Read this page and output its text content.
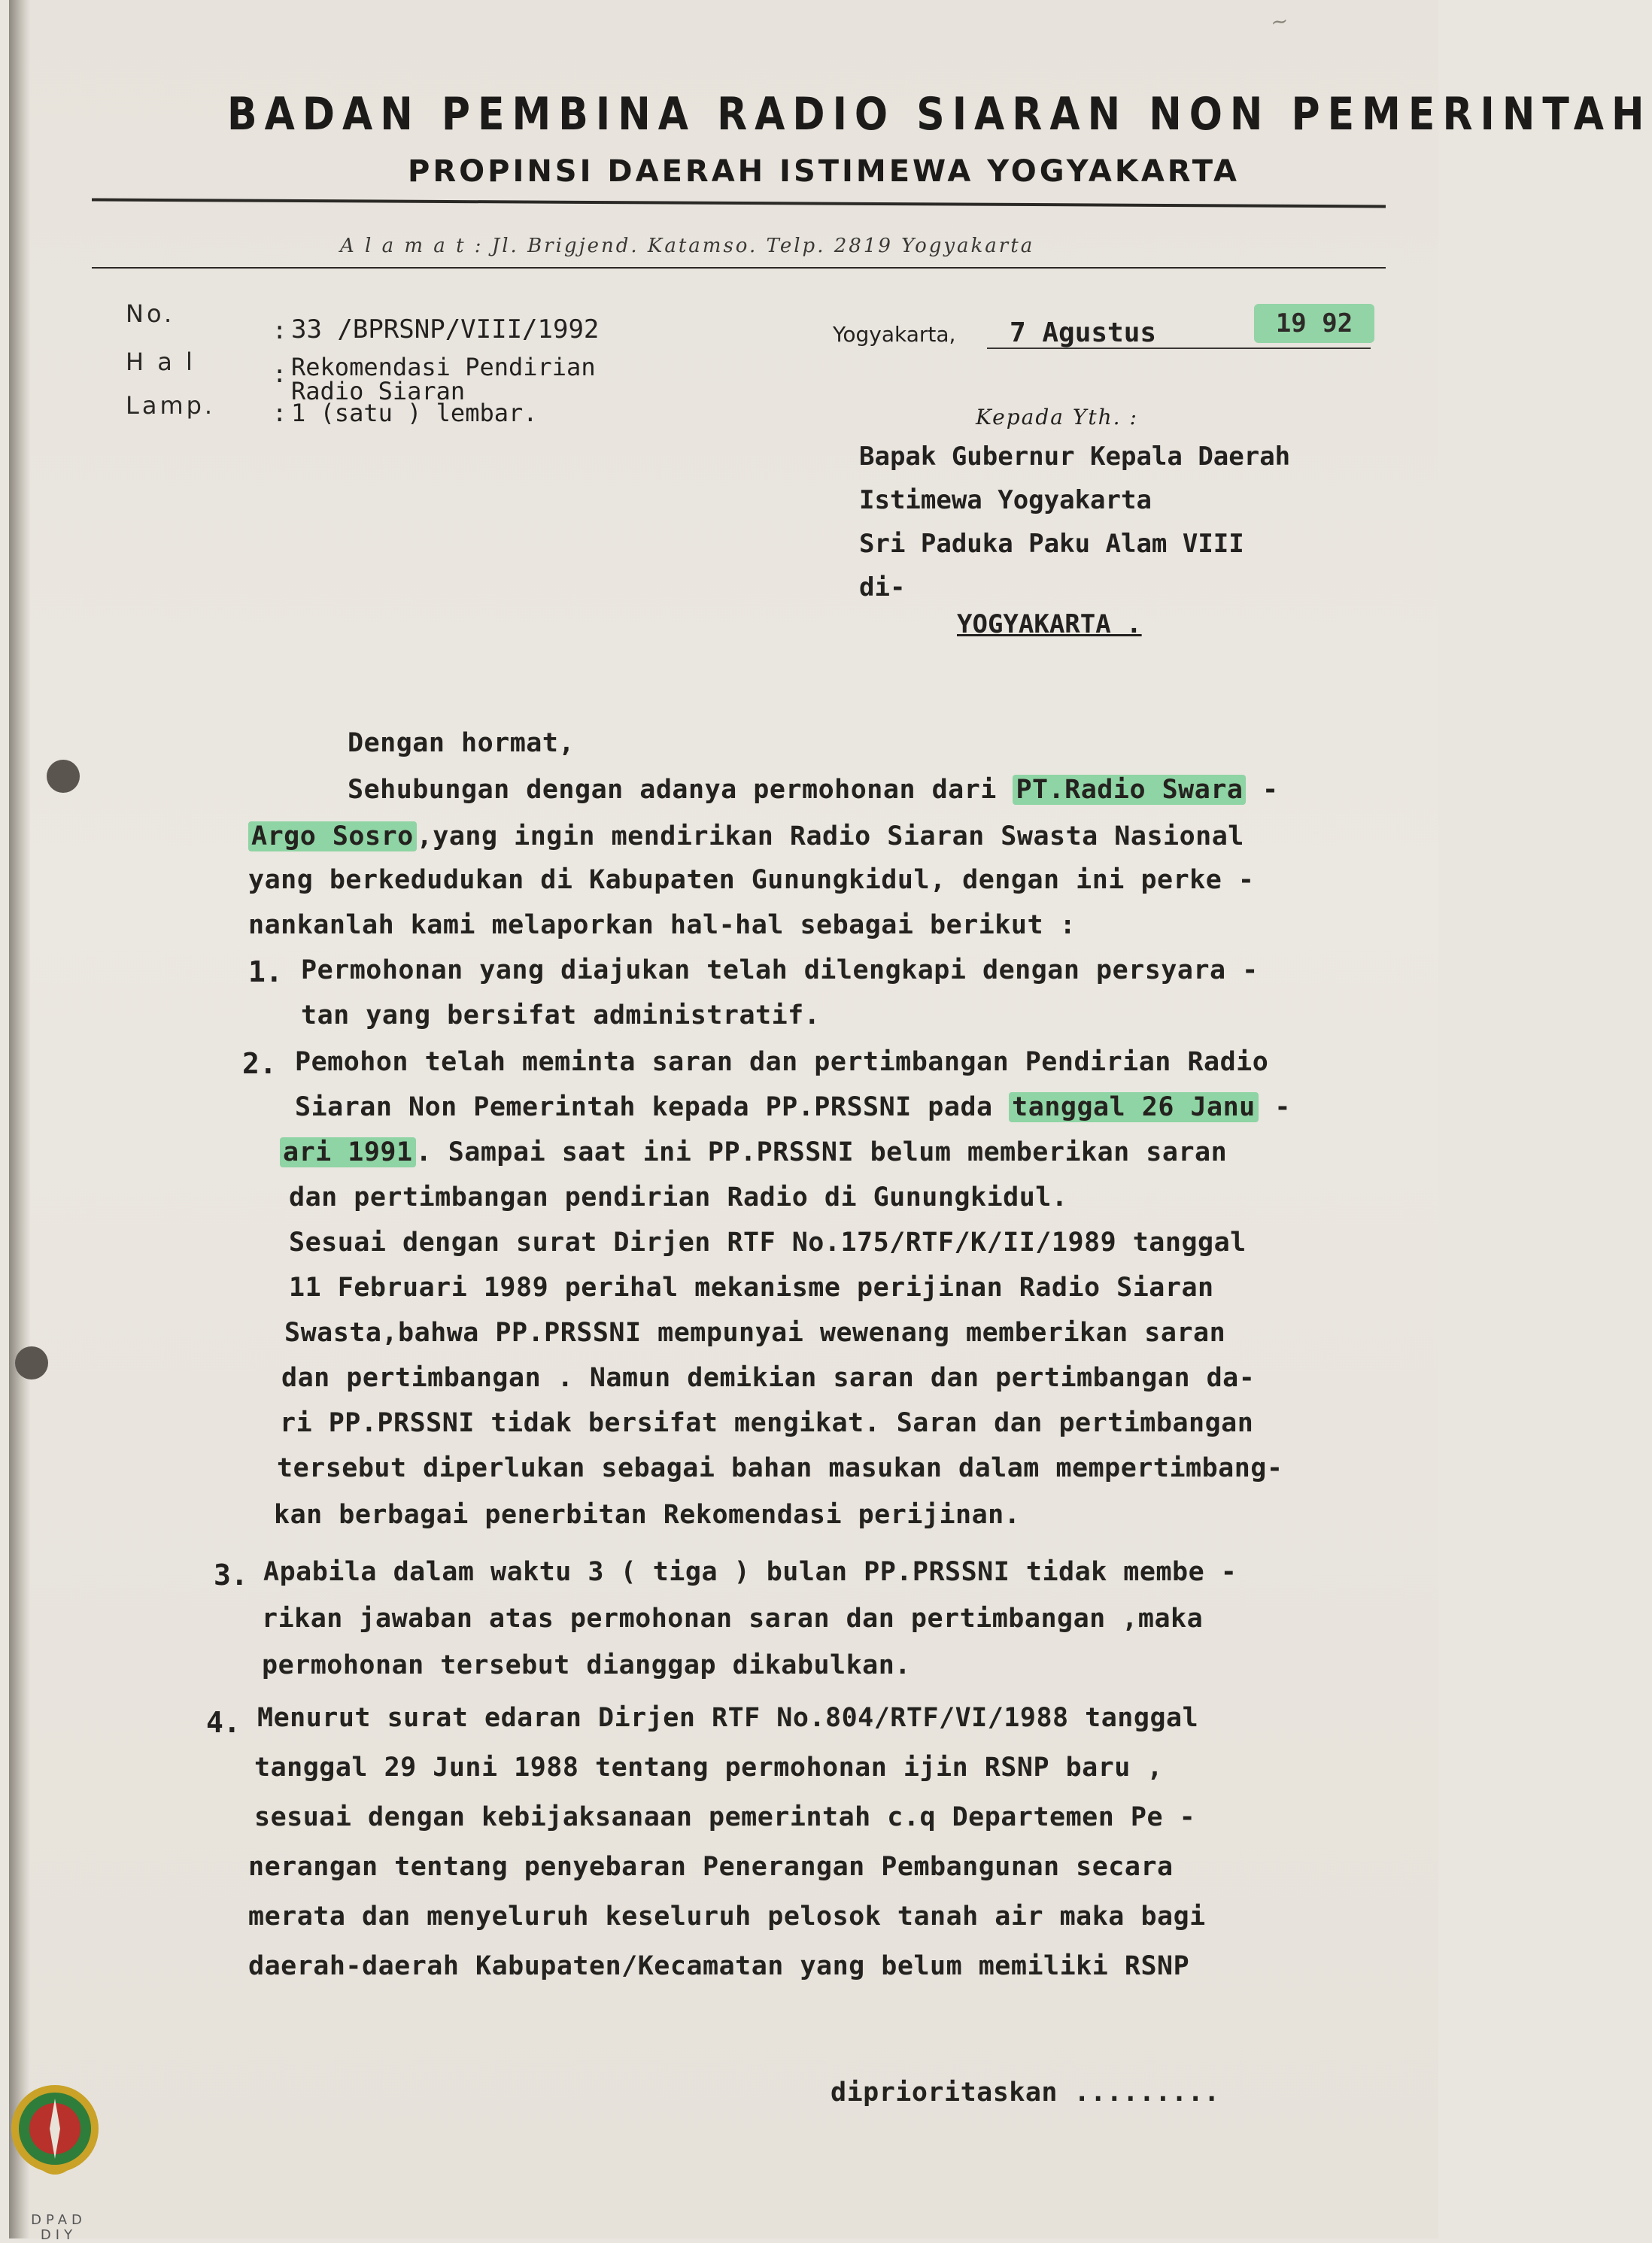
~
BADAN PEMBINA RADIO SIARAN NON PEMERINTAH
PROPINSI DAERAH ISTIMEWA YOGYAKARTA
A l a m a t : Jl. Brigjend. Katamso. Telp. 2819 Yogyakarta
No.
: 33 /BPRSNP/VIII/1992
H a l	: Rekomendasi Pendirian
Radio Siaran
Lamp. : 1 (satu ) lembar.
Yogyakarta, 7 Agustus	19 92
Kepada Yth. :
Bapak Gubernur Kepala Daerah
Istimewa Yogyakarta
Sri Paduka Paku Alam VIII
di-
YOGYAKARTA .
Dengan hormat,
Sehubungan dengan adanya permohonan dari PT.Radio Swara -
Argo Sosro ,yang ingin mendirikan Radio Siaran Swasta Nasional
yang berkedudukan di Kabupaten Gunungkidul, dengan ini perke -
nankanlah kami melaporkan hal-hal sebagai berikut :
1. Permohonan yang diajukan telah dilengkapi dengan persyara -
tan yang bersifat administratif.
2. Pemohon telah meminta saran dan pertimbangan Pendirian Radio
Siaran Non Pemerintah kepada PP.PRSSNI pada tanggal 26 Janu -
ari 1991 . Sampai saat ini PP.PRSSNI belum memberikan saran
dan pertimbangan pendirian Radio di Gunungkidul.
Sesuai dengan surat Dirjen RTF No.175/RTF/K/II/1989 tanggal
11 Februari 1989 perihal mekanisme perijinan Radio Siaran
Swasta,bahwa PP.PRSSNI mempunyai wewenang memberikan saran
dan pertimbangan . Namun demikian saran dan pertimbangan da-
ri PP.PRSSNI tidak bersifat mengikat. Saran dan pertimbangan
tersebut diperlukan sebagai bahan masukan dalam mempertimbang-
kan berbagai penerbitan Rekomendasi perijinan.
3. Apabila dalam waktu 3 ( tiga ) bulan PP.PRSSNI tidak membe -
rikan jawaban atas permohonan saran dan pertimbangan ,maka
permohonan tersebut dianggap dikabulkan.
4. Menurut surat edaran Dirjen RTF No.804/RTF/VI/1988 tanggal
tanggal 29 Juni 1988 tentang permohonan ijin RSNP baru ,
sesuai dengan kebijaksanaan pemerintah c.q Departemen Pe -
nerangan tentang penyebaran Penerangan Pembangunan secara
merata dan menyeluruh keseluruh pelosok tanah air maka bagi
daerah-daerah Kabupaten/Kecamatan yang belum memiliki RSNP
diprioritaskan .........
DPAD
DIY
